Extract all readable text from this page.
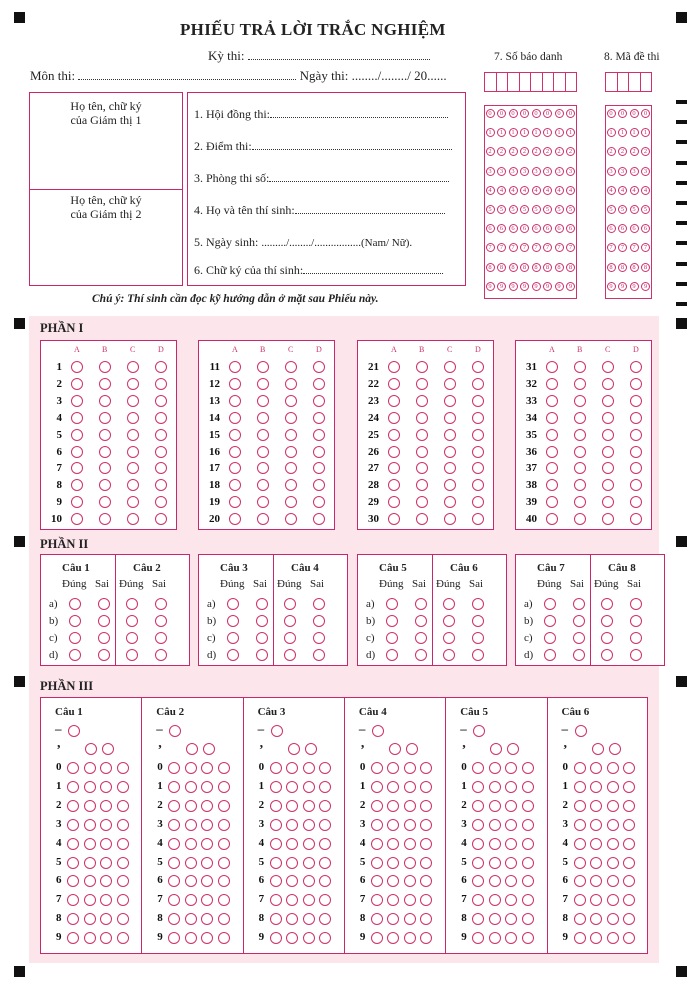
PHIẾU TRẢ LỜI TRẮC NGHIỆM
Kỳ thi:
Môn thi:	Ngày thi: ......../......../ 20......
7. Số báo danh	8. Mã đề thi
Họ tên, chữ ký
của Giám thị 1
Họ tên, chữ ký
của Giám thị 2
1. Hội đồng thi:
2. Điểm thi:
3. Phòng thi số:
4. Họ và tên thí sinh:
5. Ngày sinh: ........./......../.................(Nam/ Nữ).
6. Chữ ký của thí sinh:
Chú ý: Thí sinh cần đọc kỹ hướng dẫn ở mặt sau Phiếu này.
0	0	0	0	0	0	0	0
1	1	1	1	1	1	1	1
2	2	2	2	2	2	2	2
3	3	3	3	3	3	3	3
4	4	4	4	4	4	4	4
5	5	5	5	5	5	5	5
6	6	6	6	6	6	6	6
7	7	7	7	7	7	7	7
8	8	8	8	8	8	8	8
9	9	9	9	9	9	9	9
0	0	0	0
1	1	1	1
2	2	2	2
3	3	3	3
4	4	4	4
5	5	5	5
6	6	6	6
7	7	7	7
8	8	8	8
9	9	9	9
PHẦN I
PHẦN II
PHẦN III
A	B	C	D
1
2
3
4
5
6
7
8
9
10
A	B	C	D
11
12
13
14
15
16
17
18
19
20
A	B	C	D
21
22
23
24
25
26
27
28
29
30
A	B	C	D
31
32
33
34
35
36
37
38
39
40
Câu 1
Đúng Sai
a)
b)
c)
d)
Câu 2
Đúng Sai
Câu 3
Đúng Sai
a)
b)
c)
d)
Câu 4
Đúng Sai
Câu 5
Đúng Sai
a)
b)
c)
d)
Câu 6
Đúng Sai
Câu 7
Đúng Sai
a)
b)
c)
d)
Câu 8
Đúng Sai
Câu 1
–
,
0
1
2
3
4
5
6
7
8
9
Câu 2
–
,
0
1
2
3
4
5
6
7
8
9
Câu 3
–
,
0
1
2
3
4
5
6
7
8
9
Câu 4
–
,
0
1
2
3
4
5
6
7
8
9
Câu 5
–
,
0
1
2
3
4
5
6
7
8
9
Câu 6
–
,
0
1
2
3
4
5
6
7
8
9
